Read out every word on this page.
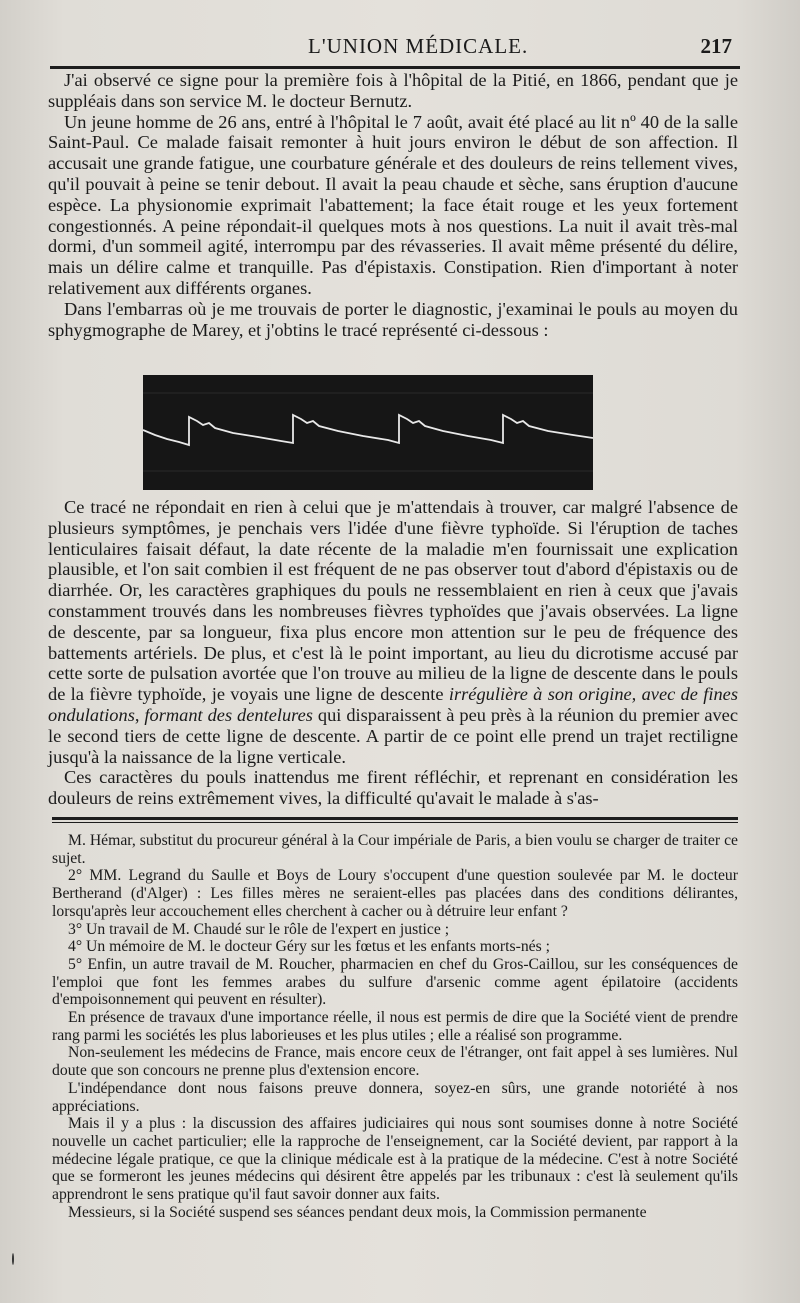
L'UNION MÉDICALE.	217

J'ai observé ce signe pour la première fois à l'hôpital de la Pitié, en 1866, pendant que je suppléais dans son service M. le docteur Bernutz.

Un jeune homme de 26 ans, entré à l'hôpital le 7 août, avait été placé au lit nº 40 de la salle Saint-Paul. Ce malade faisait remonter à huit jours environ le début de son affection. Il accusait une grande fatigue, une courbature générale et des douleurs de reins tellement vives, qu'il pouvait à peine se tenir debout. Il avait la peau chaude et sèche, sans éruption d'aucune espèce. La physionomie exprimait l'abattement; la face était rouge et les yeux fortement congestionnés. A peine répondait-il quelques mots à nos questions. La nuit il avait très-mal dormi, d'un sommeil agité, interrompu par des révasseries. Il avait même présenté du délire, mais un délire calme et tranquille. Pas d'épistaxis. Constipation. Rien d'important à noter relativement aux différents organes.

Dans l'embarras où je me trouvais de porter le diagnostic, j'examinai le pouls au moyen du sphygmographe de Marey, et j'obtins le tracé représenté ci-dessous :

Ce tracé ne répondait en rien à celui que je m'attendais à trouver, car malgré l'absence de plusieurs symptômes, je penchais vers l'idée d'une fièvre typhoïde. Si l'éruption de taches lenticulaires faisait défaut, la date récente de la maladie m'en fournissait une explication plausible, et l'on sait combien il est fréquent de ne pas observer tout d'abord d'épistaxis ou de diarrhée. Or, les caractères graphiques du pouls ne ressemblaient en rien à ceux que j'avais constamment trouvés dans les nombreuses fièvres typhoïdes que j'avais observées. La ligne de descente, par sa longueur, fixa plus encore mon attention sur le peu de fréquence des battements artériels. De plus, et c'est là le point important, au lieu du dicrotisme accusé par cette sorte de pulsation avortée que l'on trouve au milieu de la ligne de descente dans le pouls de la fièvre typhoïde, je voyais une ligne de descente irrégulière à son origine, avec de fines ondulations, formant des dentelures qui disparaissent à peu près à la réunion du premier avec le second tiers de cette ligne de descente. A partir de ce point elle prend un trajet rectiligne jusqu'à la naissance de la ligne verticale.

Ces caractères du pouls inattendus me firent réfléchir, et reprenant en considération les douleurs de reins extrêmement vives, la difficulté qu'avait le malade à s'as-

M. Hémar, substitut du procureur général à la Cour impériale de Paris, a bien voulu se charger de traiter ce sujet.

2° MM. Legrand du Saulle et Boys de Loury s'occupent d'une question soulevée par M. le docteur Bertherand (d'Alger) : Les filles mères ne seraient-elles pas placées dans des conditions délirantes, lorsqu'après leur accouchement elles cherchent à cacher ou à détruire leur enfant ?

3° Un travail de M. Chaudé sur le rôle de l'expert en justice ;

4° Un mémoire de M. le docteur Géry sur les fœtus et les enfants morts-nés ;

5° Enfin, un autre travail de M. Roucher, pharmacien en chef du Gros-Caillou, sur les conséquences de l'emploi que font les femmes arabes du sulfure d'arsenic comme agent épilatoire (accidents d'empoisonnement qui peuvent en résulter).

En présence de travaux d'une importance réelle, il nous est permis de dire que la Société vient de prendre rang parmi les sociétés les plus laborieuses et les plus utiles ; elle a réalisé son programme.

Non-seulement les médecins de France, mais encore ceux de l'étranger, ont fait appel à ses lumières. Nul doute que son concours ne prenne plus d'extension encore.

L'indépendance dont nous faisons preuve donnera, soyez-en sûrs, une grande notoriété à nos appréciations.

Mais il y a plus : la discussion des affaires judiciaires qui nous sont soumises donne à notre Société nouvelle un cachet particulier; elle la rapproche de l'enseignement, car la Société devient, par rapport à la médecine légale pratique, ce que la clinique médicale est à la pratique de la médecine. C'est à notre Société que se formeront les jeunes médecins qui désirent être appelés par les tribunaux : c'est là seulement qu'ils apprendront le sens pratique qu'il faut savoir donner aux faits.

Messieurs, si la Société suspend ses séances pendant deux mois, la Commission permanente
